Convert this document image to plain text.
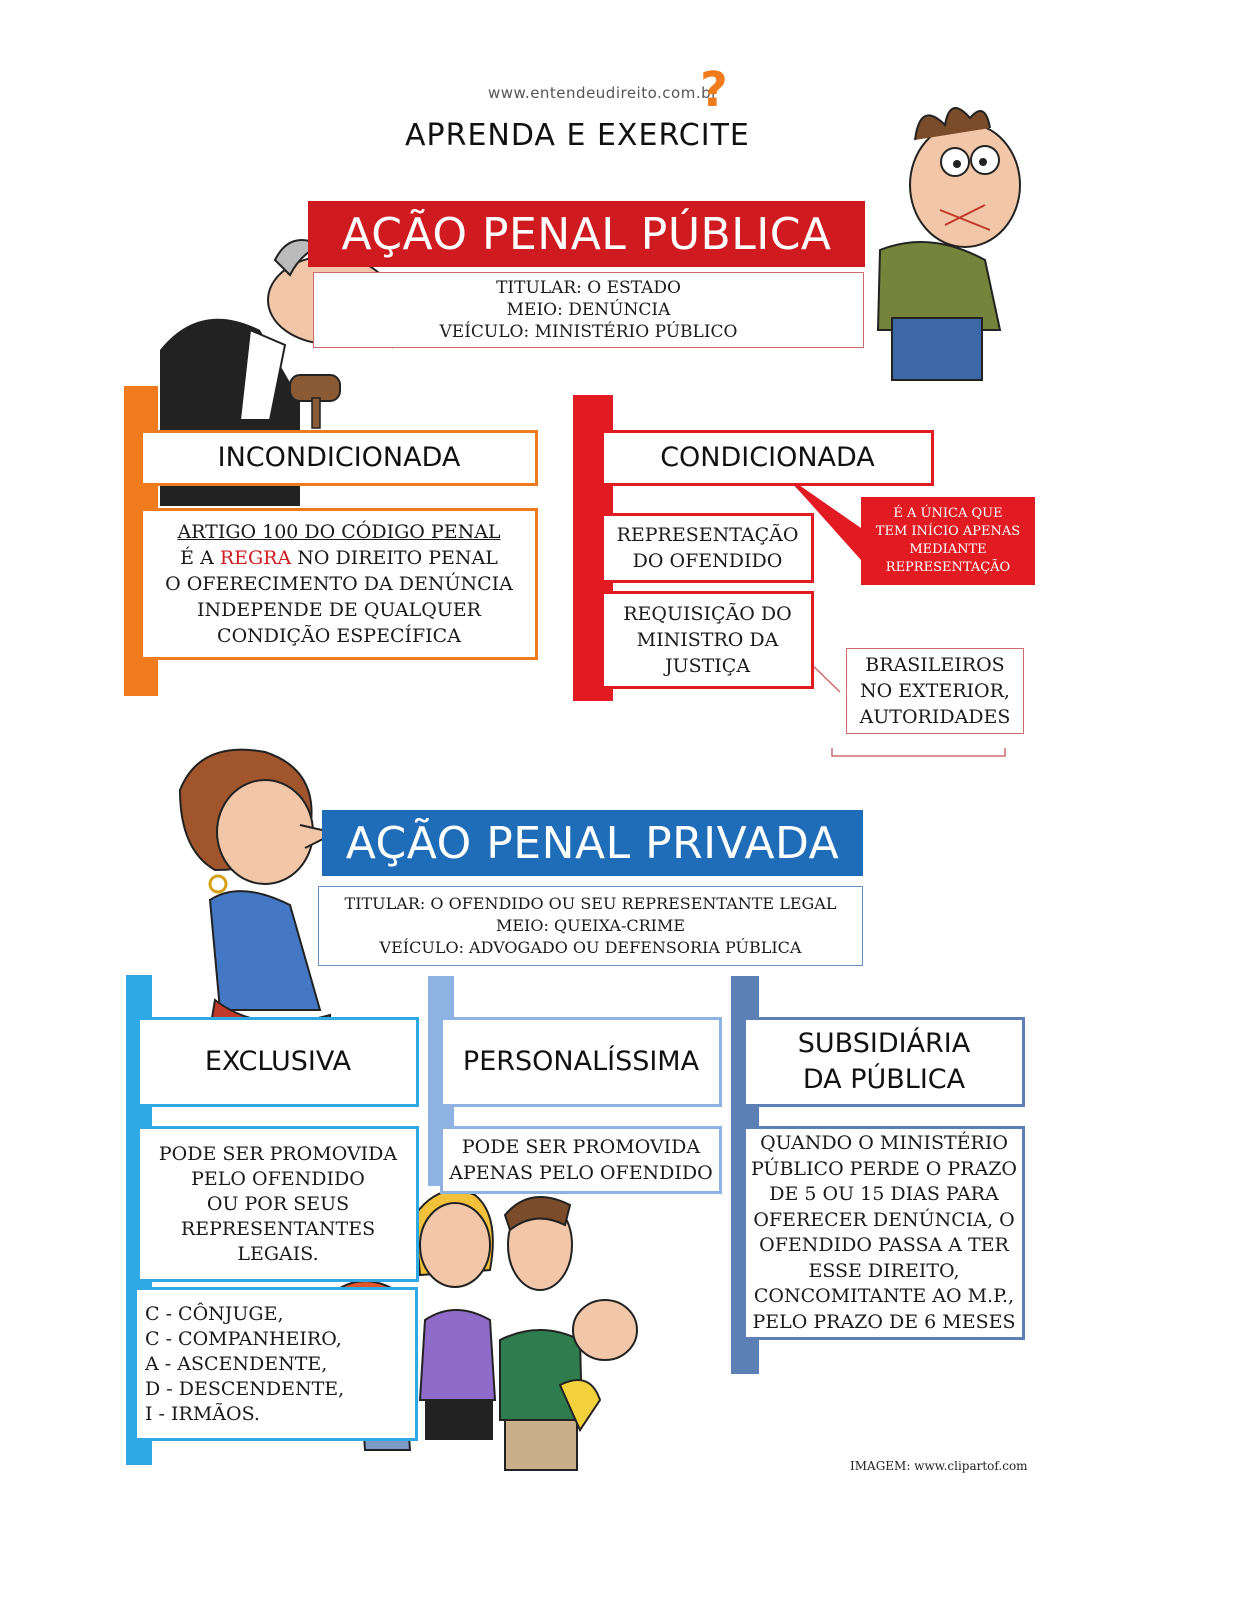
www.entendeudireito.com.br
?
APRENDA E EXERCITE
AÇÃO PENAL PÚBLICA
TITULAR: O ESTADO
MEIO: DENÚNCIA
VEÍCULO: MINISTÉRIO PÚBLICO
INCONDICIONADA
ARTIGO 100 DO CÓDIGO PENAL
É A REGRA NO DIREITO PENAL
O OFERECIMENTO DA DENÚNCIA
INDEPENDE DE QUALQUER
CONDIÇÃO ESPECÍFICA
CONDICIONADA
REPRESENTAÇÃO
DO OFENDIDO
REQUISIÇÃO DO
MINISTRO DA
JUSTIÇA
É A ÚNICA QUE
TEM INÍCIO APENAS
MEDIANTE
REPRESENTAÇÃO
BRASILEIROS
NO EXTERIOR,
AUTORIDADES
AÇÃO PENAL PRIVADA
TITULAR: O OFENDIDO OU SEU REPRESENTANTE LEGAL
MEIO: QUEIXA-CRIME
VEÍCULO: ADVOGADO OU DEFENSORIA PÚBLICA
EXCLUSIVA
PODE SER PROMOVIDA
PELO OFENDIDO
OU POR SEUS
REPRESENTANTES
LEGAIS.
C - CÔNJUGE,
C - COMPANHEIRO,
A - ASCENDENTE,
D - DESCENDENTE,
I - IRMÃOS.
PERSONALÍSSIMA
PODE SER PROMOVIDA
APENAS PELO OFENDIDO
SUBSIDIÁRIA
DA PÚBLICA
QUANDO O MINISTÉRIO
PÚBLICO PERDE O PRAZO
DE 5 OU 15 DIAS PARA
OFERECER DENÚNCIA, O
OFENDIDO PASSA A TER
ESSE DIREITO,
CONCOMITANTE AO M.P.,
PELO PRAZO DE 6 MESES
IMAGEM: www.clipartof.com
